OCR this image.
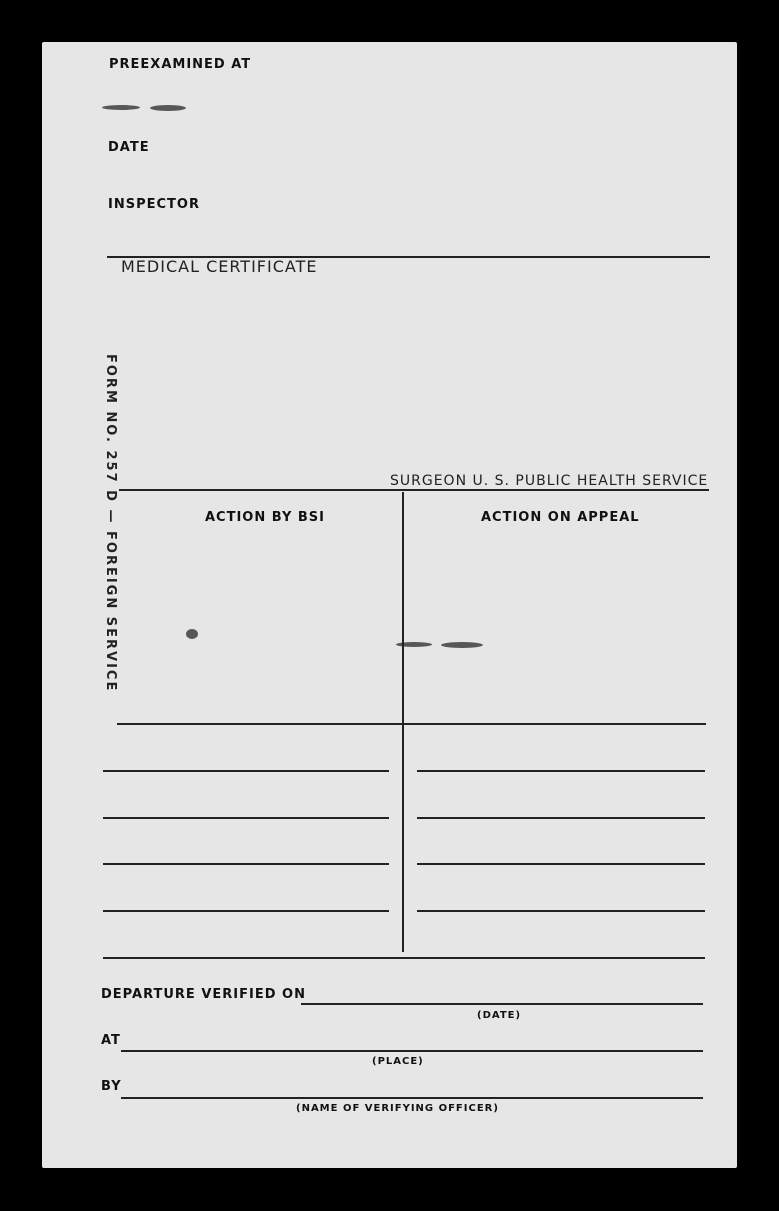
PREEXAMINED AT
DATE
INSPECTOR
MEDICAL CERTIFICATE
FORM NO. 257 D — FOREIGN SERVICE	SURGEON U. S. PUBLIC HEALTH SERVICE
ACTION BY BSI	ACTION ON APPEAL
DEPARTURE VERIFIED ON
(DATE)
AT
(PLACE)
BY
(NAME OF VERIFYING OFFICER)
